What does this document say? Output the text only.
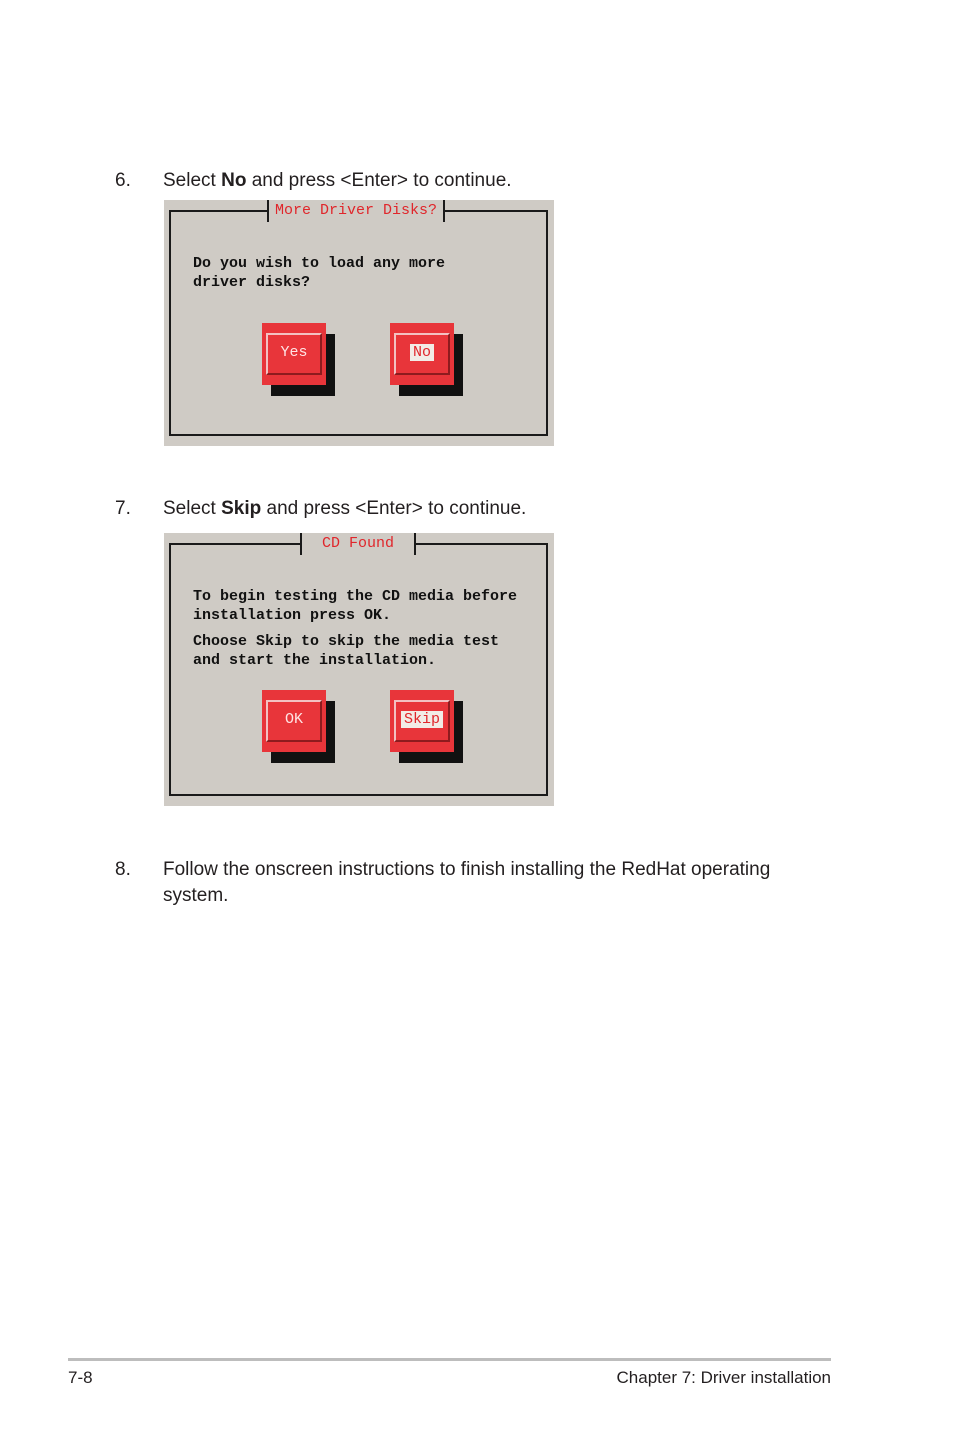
6. Select No and press <Enter> to continue.
More Driver Disks?
Do you wish to load any more
driver disks?
Yes	No
7. Select Skip and press <Enter> to continue.
CD Found
To begin testing the CD media before
installation press OK.
Choose Skip to skip the media test
and start the installation.
OK	Skip
8. Follow the onscreen instructions to finish installing the RedHat operating system.
7-8	Chapter 7: Driver installation
